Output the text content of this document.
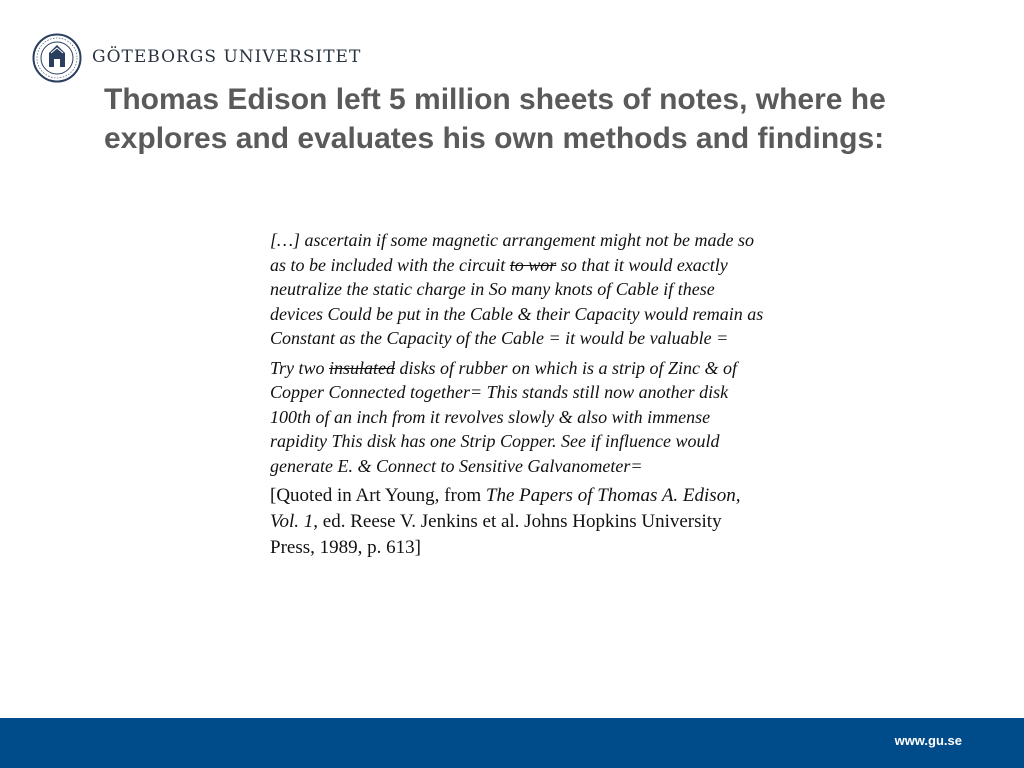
GÖTEBORGS UNIVERSITET
Thomas Edison left 5 million sheets of notes, where he explores and evaluates his own methods and findings:

[…] ascertain if some magnetic arrangement might not be made so as to be included with the circuit to wor so that it would exactly neutralize the static charge in So many knots of Cable if these devices Could be put in the Cable & their Capacity would remain as Constant as the Capacity of the Cable = it would be valuable =

Try two insulated disks of rubber on which is a strip of Zinc & of Copper Connected together= This stands still now another disk 100th of an inch from it revolves slowly & also with immense rapidity This disk has one Strip Copper. See if influence would generate E. & Connect to Sensitive Galvanometer=

[Quoted in Art Young, from The Papers of Thomas A. Edison, Vol. 1, ed. Reese V. Jenkins et al. Johns Hopkins University Press, 1989, p. 613]

www.gu.se
